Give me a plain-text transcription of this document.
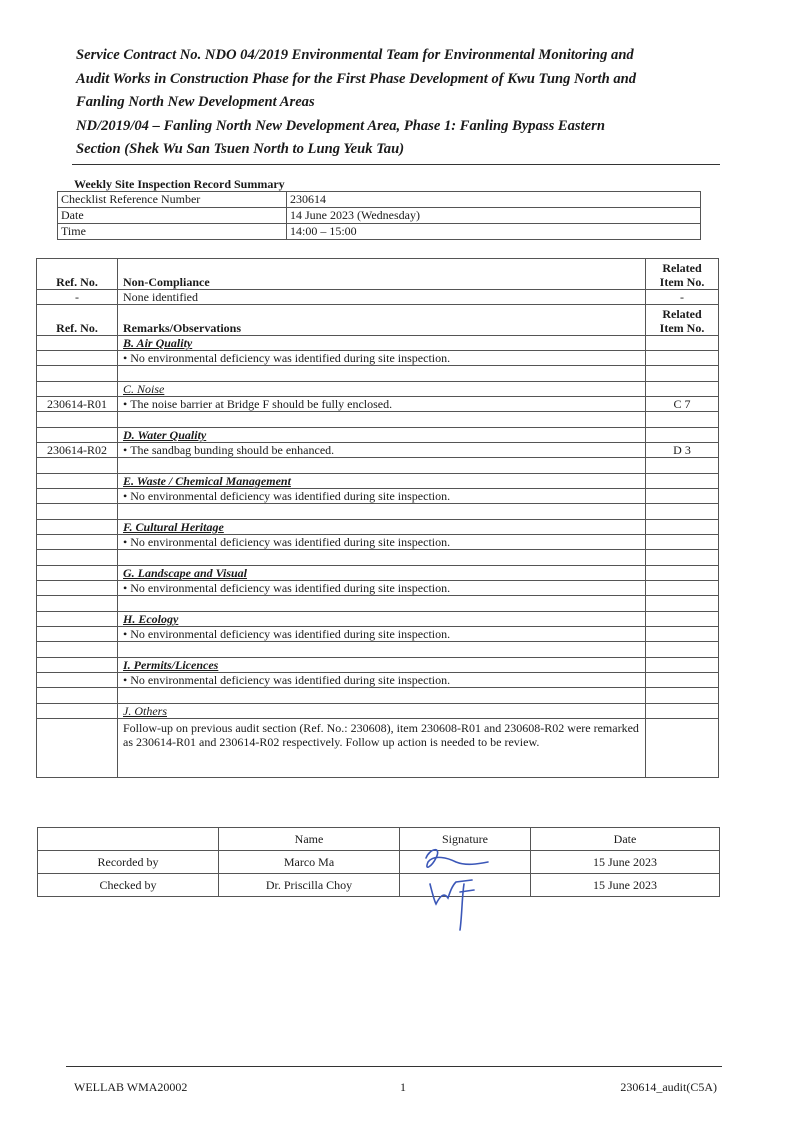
Service Contract No. NDO 04/2019 Environmental Team for Environmental Monitoring and
Audit Works in Construction Phase for the First Phase Development of Kwu Tung North and
Fanling North New Development Areas
ND/2019/04 – Fanling North New Development Area, Phase 1: Fanling Bypass Eastern
Section (Shek Wu San Tsuen North to Lung Yeuk Tau)
Weekly Site Inspection Record Summary
Checklist Reference Number	230614
Date	14 June 2023 (Wednesday)
Time	14:00 – 15:00
Ref. No.	Non-Compliance	Related Item No.
-	None identified	-
Ref. No.	Remarks/Observations	Related Item No.
	B. Air Quality	
	• No environmental deficiency was identified during site inspection.	

	C. Noise	
230614-R01	• The noise barrier at Bridge F should be fully enclosed.	C 7

	D. Water Quality	
230614-R02	• The sandbag bunding should be enhanced.	D 3

	E. Waste / Chemical Management	
	• No environmental deficiency was identified during site inspection.	

	F. Cultural Heritage	
	• No environmental deficiency was identified during site inspection.	

	G. Landscape and Visual	
	• No environmental deficiency was identified during site inspection.	

	H. Ecology	
	• No environmental deficiency was identified during site inspection.	

	I. Permits/Licences	
	• No environmental deficiency was identified during site inspection.	

	J. Others	
	Follow-up on previous audit section (Ref. No.: 230608), item 230608-R01 and 230608-R02 were remarked as 230614-R01 and 230614-R02 respectively. Follow up action is needed to be review.	
	Name	Signature	Date
Recorded by	Marco Ma		15 June 2023
Checked by	Dr. Priscilla Choy		15 June 2023
WELLAB WMA20002	1	230614_audit(C5A)
